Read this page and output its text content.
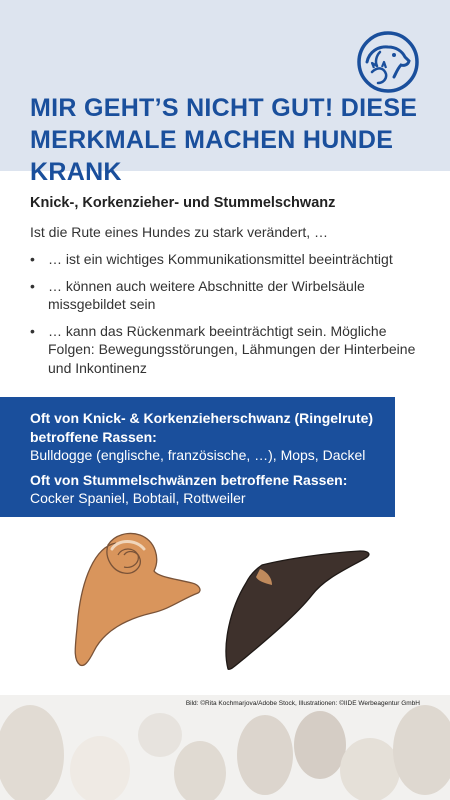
MIR GEHT’S NICHT GUT! DIESE
MERKMALE MACHEN HUNDE KRANK

Knick-, Korkenzieher- und Stummelschwanz

Ist die Rute eines Hundes zu stark verändert, …

• … ist ein wichtiges Kommunikationsmittel beeinträchtigt
• … können auch weitere Abschnitte der Wirbelsäule missgebildet sein
• … kann das Rückenmark beeinträchtigt sein. Mögliche Folgen: Bewegungsstörungen, Lähmungen der Hinterbeine und Inkontinenz

Oft von Knick- & Korkenzieherschwanz (Ringelrute) betroffene Rassen:

Bulldogge (englische, französische, …), Mops, Dackel

Oft von Stummelschwänzen betroffene Rassen:

Cocker Spaniel, Bobtail, Rottweiler

Bild: ©Rita Kochmarjova/Adobe Stock, Illustrationen: ©IIDE Werbeagentur GmbH
